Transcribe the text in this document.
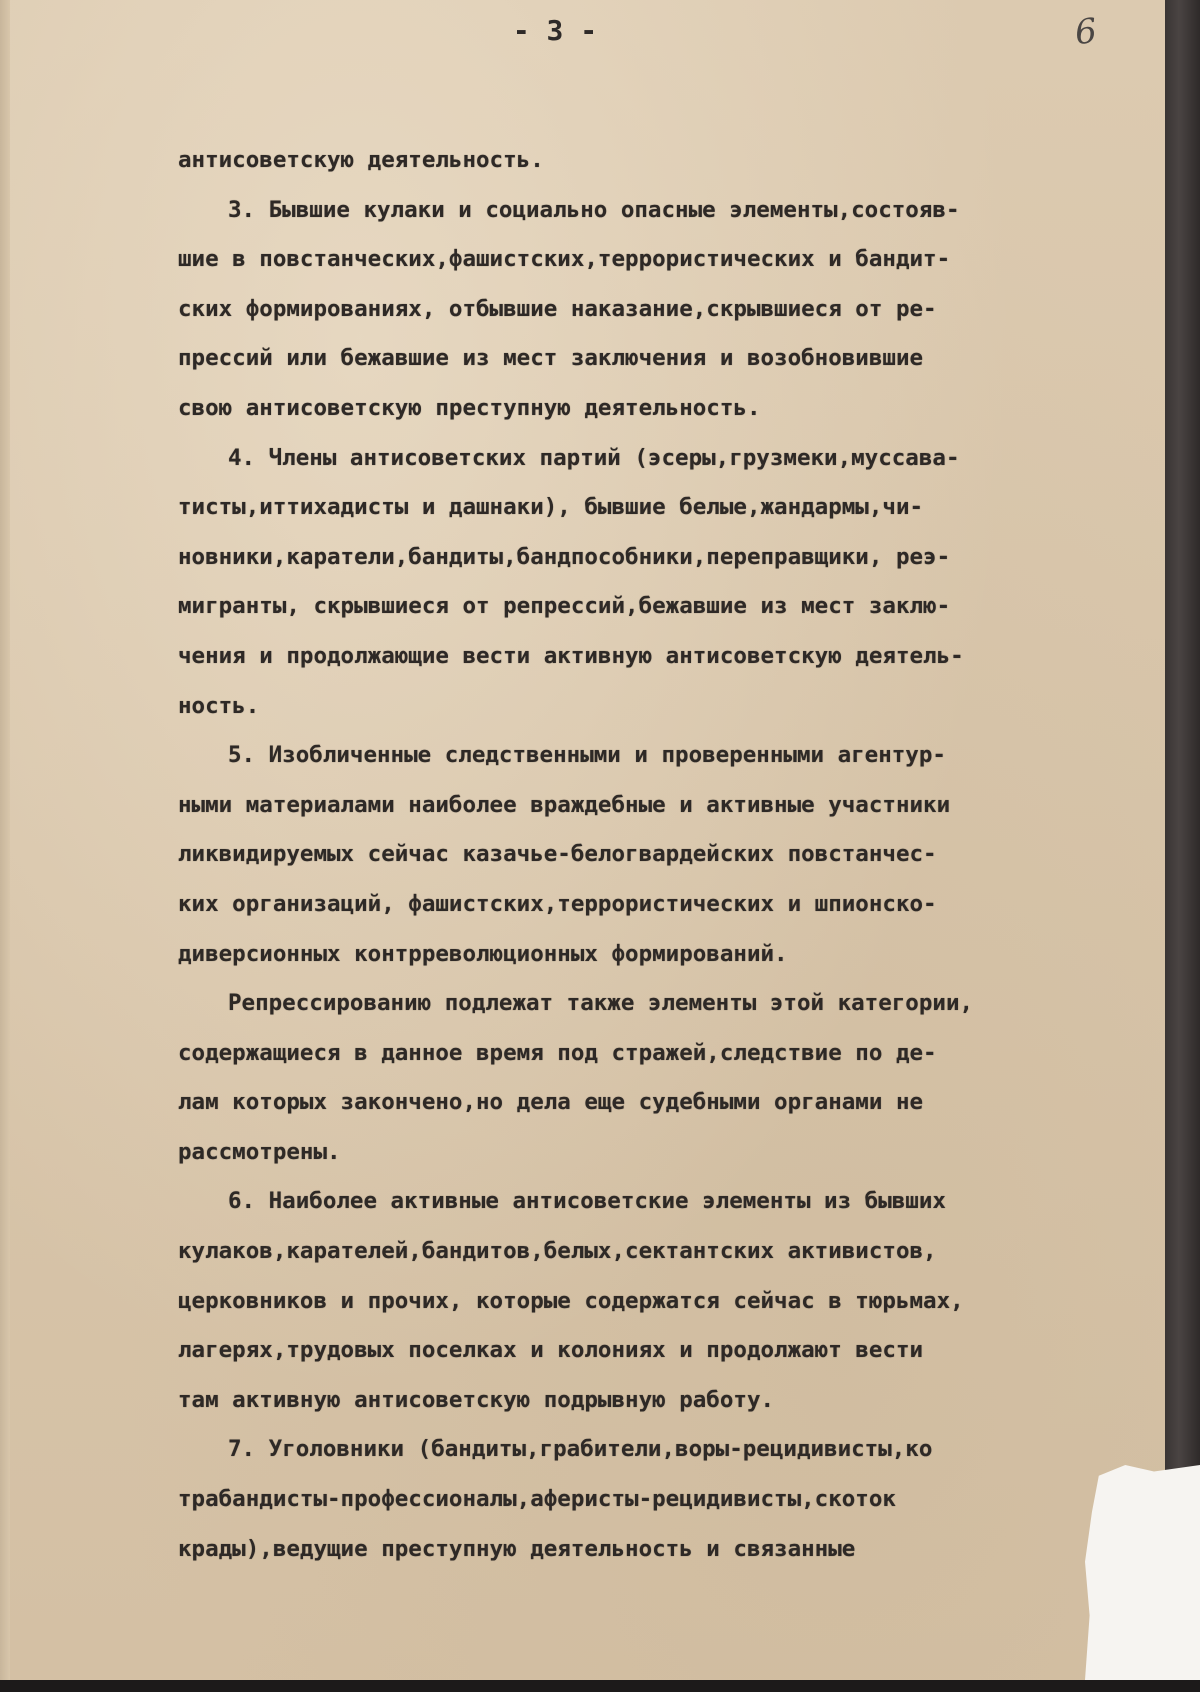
- 3 -	6
антисоветскую деятельность.
3. Бывшие кулаки и социально опасные элементы,состояв-
шие в повстанческих,фашистских,террористических и бандит-
ских формированиях, отбывшие наказание,скрывшиеся от ре-
прессий или бежавшие из мест заключения и возобновившие
свою антисоветскую преступную деятельность.
4. Члены антисоветских партий (эсеры,грузмеки,муссава-
тисты,иттихадисты и дашнаки), бывшие белые,жандармы,чи-
новники,каратели,бандиты,бандпособники,переправщики, реэ-
мигранты, скрывшиеся от репрессий,бежавшие из мест заклю-
чения и продолжающие вести активную антисоветскую деятель-
ность.
5. Изобличенные следственными и проверенными агентур-
ными материалами наиболее враждебные и активные участники
ликвидируемых сейчас казачье-белогвардейских повстанчес-
ких организаций, фашистских,террористических и шпионско-
диверсионных контрреволюционных формирований.
Репрессированию подлежат также элементы этой категории,
содержащиеся в данное время под стражей,следствие по де-
лам которых закончено,но дела еще судебными органами не
рассмотрены.
6. Наиболее активные антисоветские элементы из бывших
кулаков,карателей,бандитов,белых,сектантских активистов,
церковников и прочих, которые содержатся сейчас в тюрьмах,
лагерях,трудовых поселках и колониях и продолжают вести
там активную антисоветскую подрывную работу.
7. Уголовники (бандиты,грабители,воры-рецидивисты,ко
трабандисты-профессионалы,аферисты-рецидивисты,скоток
крады),ведущие преступную деятельность и связанные
